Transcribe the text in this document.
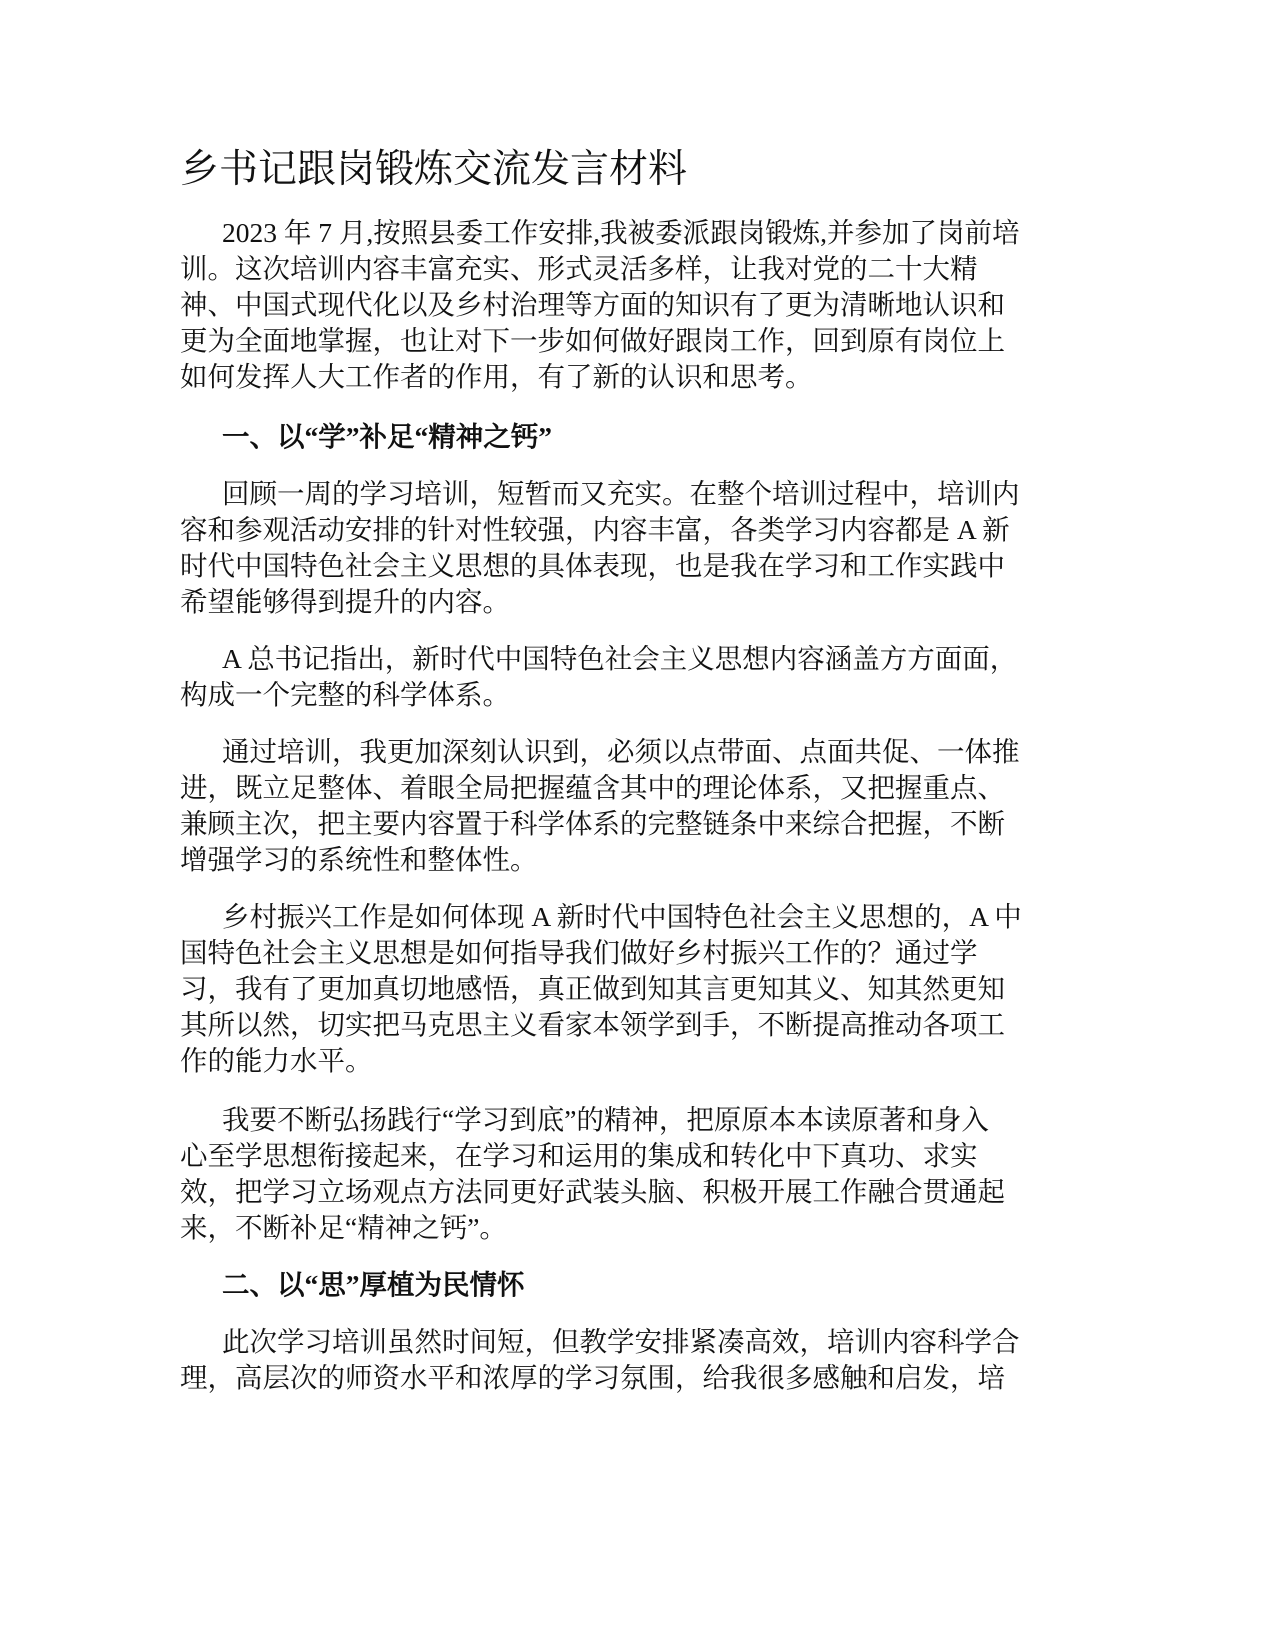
乡书记跟岗锻炼交流发言材料
2023 年 7 月,按照县委工作安排,我被委派跟岗锻炼,并参加了岗前培
训。这次培训内容丰富充实、形式灵活多样，让我对党的二十大精
神、中国式现代化以及乡村治理等方面的知识有了更为清晰地认识和
更为全面地掌握，也让对下一步如何做好跟岗工作，回到原有岗位上
如何发挥人大工作者的作用，有了新的认识和思考。
一、以“学”补足“精神之钙”
回顾一周的学习培训，短暂而又充实。在整个培训过程中，培训内
容和参观活动安排的针对性较强，内容丰富，各类学习内容都是 A 新
时代中国特色社会主义思想的具体表现，也是我在学习和工作实践中
希望能够得到提升的内容。
A 总书记指出，新时代中国特色社会主义思想内容涵盖方方面面，
构成一个完整的科学体系。
通过培训，我更加深刻认识到，必须以点带面、点面共促、一体推
进，既立足整体、着眼全局把握蕴含其中的理论体系，又把握重点、
兼顾主次，把主要内容置于科学体系的完整链条中来综合把握，不断
增强学习的系统性和整体性。
乡村振兴工作是如何体现 A 新时代中国特色社会主义思想的，A 中
国特色社会主义思想是如何指导我们做好乡村振兴工作的？通过学
习，我有了更加真切地感悟，真正做到知其言更知其义、知其然更知
其所以然，切实把马克思主义看家本领学到手，不断提高推动各项工
作的能力水平。
我要不断弘扬践行“学习到底”的精神，把原原本本读原著和身入
心至学思想衔接起来，在学习和运用的集成和转化中下真功、求实
效，把学习立场观点方法同更好武装头脑、积极开展工作融合贯通起
来，不断补足“精神之钙”。
二、以“思”厚植为民情怀
此次学习培训虽然时间短，但教学安排紧凑高效，培训内容科学合
理，高层次的师资水平和浓厚的学习氛围，给我很多感触和启发，培
